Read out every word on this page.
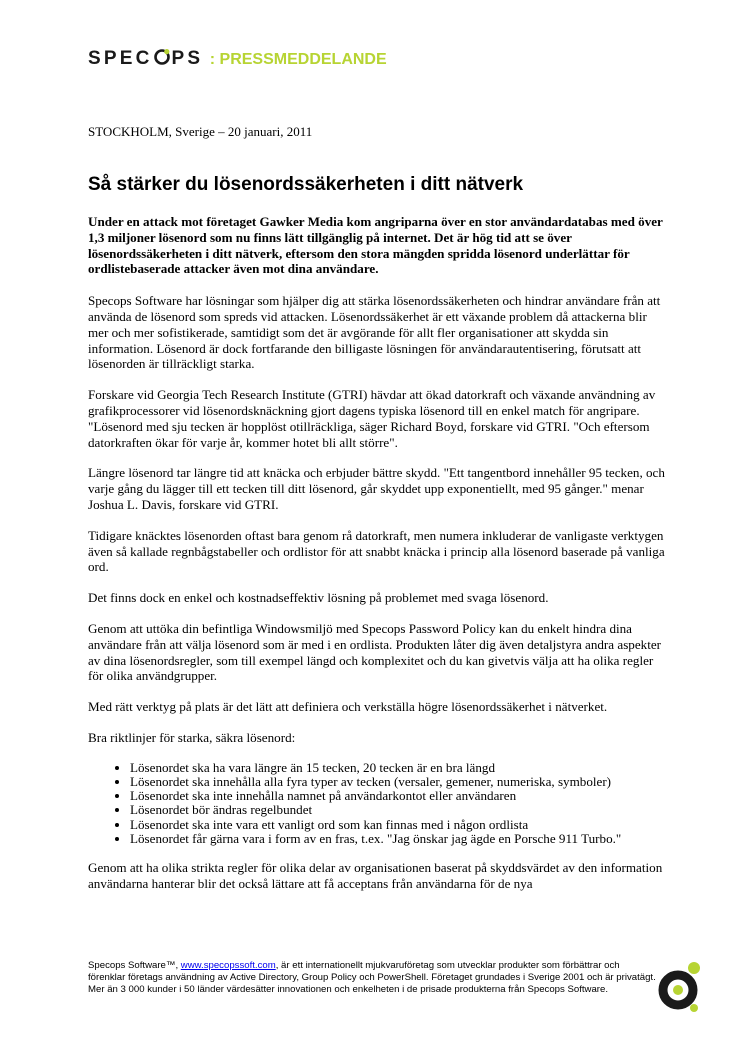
SPEC PS : PRESSMEDDELANDE
STOCKHOLM, Sverige – 20 januari, 2011
Så stärker du lösenordssäkerheten i ditt nätverk

Under en attack mot företaget Gawker Media kom angriparna över en stor användardatabas med över 1,3 miljoner lösenord som nu finns lätt tillgänglig på internet. Det är hög tid att se över lösenordssäkerheten i ditt nätverk, eftersom den stora mängden spridda lösenord underlättar för ordlistebaserade attacker även mot dina användare.

Specops Software har lösningar som hjälper dig att stärka lösenordssäkerheten och hindrar användare från att använda de lösenord som spreds vid attacken. Lösenordssäkerhet är ett växande problem då attackerna blir mer och mer sofistikerade, samtidigt som det är avgörande för allt fler organisationer att skydda sin information. Lösenord är dock fortfarande den billigaste lösningen för användarautentisering, förutsatt att lösenorden är tillräckligt starka.

Forskare vid Georgia Tech Research Institute (GTRI) hävdar att ökad datorkraft och växande användning av grafikprocessorer vid lösenordsknäckning gjort dagens typiska lösenord till en enkel match för angripare. "Lösenord med sju tecken är hopplöst otillräckliga, säger Richard Boyd, forskare vid GTRI. "Och eftersom datorkraften ökar för varje år, kommer hotet bli allt större".

Längre lösenord tar längre tid att knäcka och erbjuder bättre skydd. "Ett tangentbord innehåller 95 tecken, och varje gång du lägger till ett tecken till ditt lösenord, går skyddet upp exponentiellt, med 95 gånger." menar Joshua L. Davis, forskare vid GTRI.

Tidigare knäcktes lösenorden oftast bara genom rå datorkraft, men numera inkluderar de vanligaste verktygen även så kallade regnbågstabeller och ordlistor för att snabbt knäcka i princip alla lösenord baserade på vanliga ord.

Det finns dock en enkel och kostnadseffektiv lösning på problemet med svaga lösenord.

Genom att uttöka din befintliga Windowsmiljö med Specops Password Policy kan du enkelt hindra dina användare från att välja lösenord som är med i en ordlista. Produkten låter dig även detaljstyra andra aspekter av dina lösenordsregler, som till exempel längd och komplexitet och du kan givetvis välja att ha olika regler för olika användgrupper.

Med rätt verktyg på plats är det lätt att definiera och verkställa högre lösenordssäkerhet i nätverket.

Bra riktlinjer för starka, säkra lösenord:

• Lösenordet ska ha vara längre än 15 tecken, 20 tecken är en bra längd
• Lösenordet ska innehålla alla fyra typer av tecken (versaler, gemener, numeriska, symboler)
• Lösenordet ska inte innehålla namnet på användarkontot eller användaren
• Lösenordet bör ändras regelbundet
• Lösenordet ska inte vara ett vanligt ord som kan finnas med i någon ordlista
• Lösenordet får gärna vara i form av en fras, t.ex. "Jag önskar jag ägde en Porsche 911 Turbo."

Genom att ha olika strikta regler för olika delar av organisationen baserat på skyddsvärdet av den information användarna hanterar blir det också lättare att få acceptans från användarna för de nya

Specops Software™, www.specopssoft.com, är ett internationellt mjukvaruföretag som utvecklar produkter som förbättrar och förenklar företags användning av Active Directory, Group Policy och PowerShell. Företaget grundades i Sverige 2001 och är privatägt. Mer än 3 000 kunder i 50 länder värdesätter innovationen och enkelheten i de prisade produkterna från Specops Software.
